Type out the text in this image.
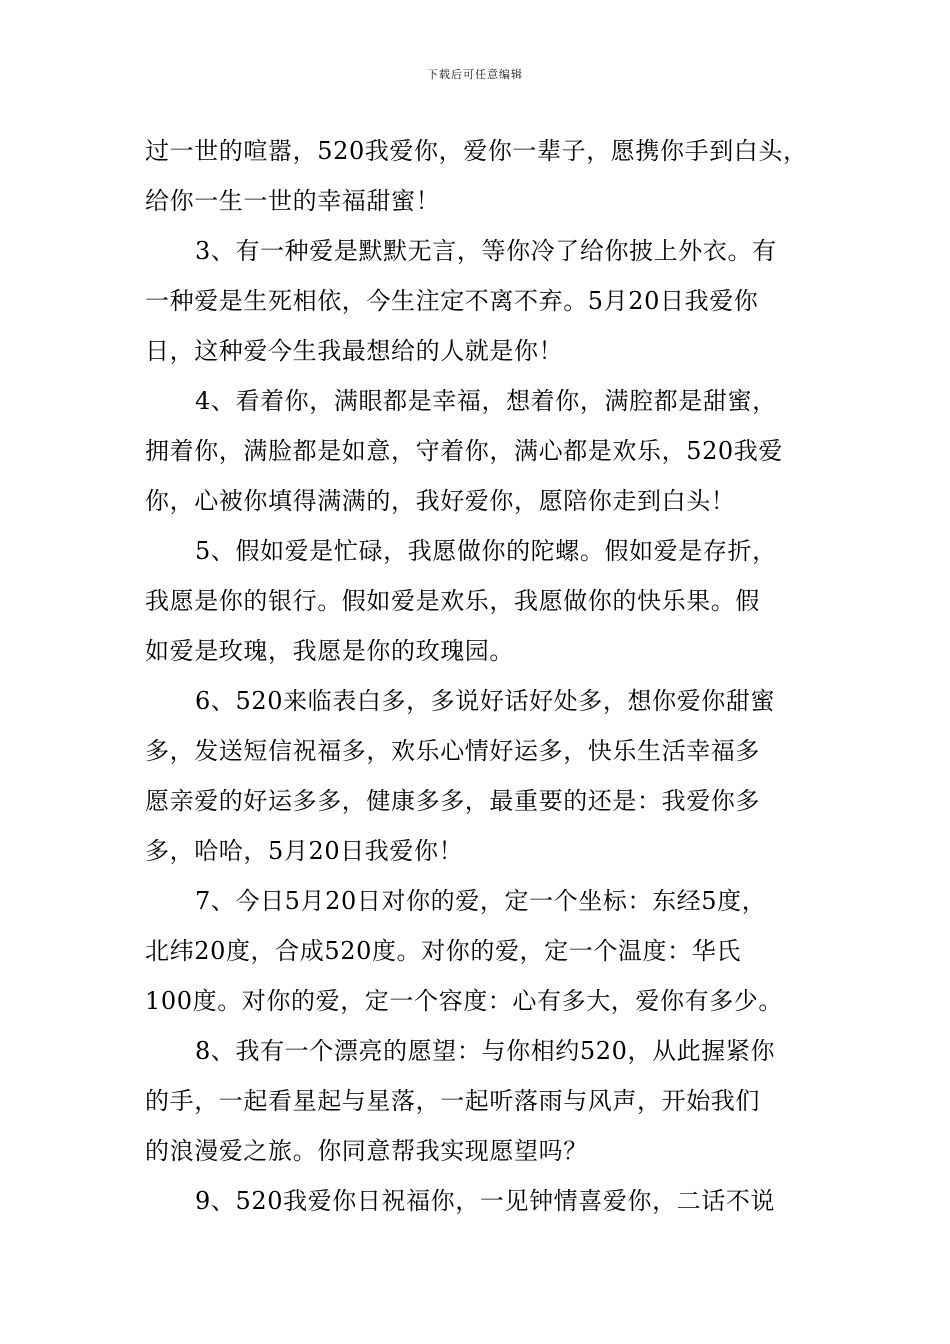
下载后可任意编辑
过一世的喧嚣，520我爱你，爱你一辈子，愿携你手到白头，
给你一生一世的幸福甜蜜！
3、有一种爱是默默无言，等你冷了给你披上外衣。有
一种爱是生死相依，今生注定不离不弃。5月20日我爱你
日，这种爱今生我最想给的人就是你！
4、看着你，满眼都是幸福，想着你，满腔都是甜蜜，
拥着你，满脸都是如意，守着你，满心都是欢乐，520我爱
你，心被你填得满满的，我好爱你，愿陪你走到白头！
5、假如爱是忙碌，我愿做你的陀螺。假如爱是存折，
我愿是你的银行。假如爱是欢乐，我愿做你的快乐果。假
如爱是玫瑰，我愿是你的玫瑰园。
6、520来临表白多，多说好话好处多，想你爱你甜蜜
多，发送短信祝福多，欢乐心情好运多，快乐生活幸福多
愿亲爱的好运多多，健康多多，最重要的还是：我爱你多
多，哈哈，5月20日我爱你！
7、今日5月20日对你的爱，定一个坐标：东经5度，
北纬20度，合成520度。对你的爱，定一个温度：华氏
100度。对你的爱，定一个容度：心有多大，爱你有多少。
8、我有一个漂亮的愿望：与你相约520，从此握紧你
的手，一起看星起与星落，一起听落雨与风声，开始我们
的浪漫爱之旅。你同意帮我实现愿望吗？
9、520我爱你日祝福你，一见钟情喜爱你，二话不说
